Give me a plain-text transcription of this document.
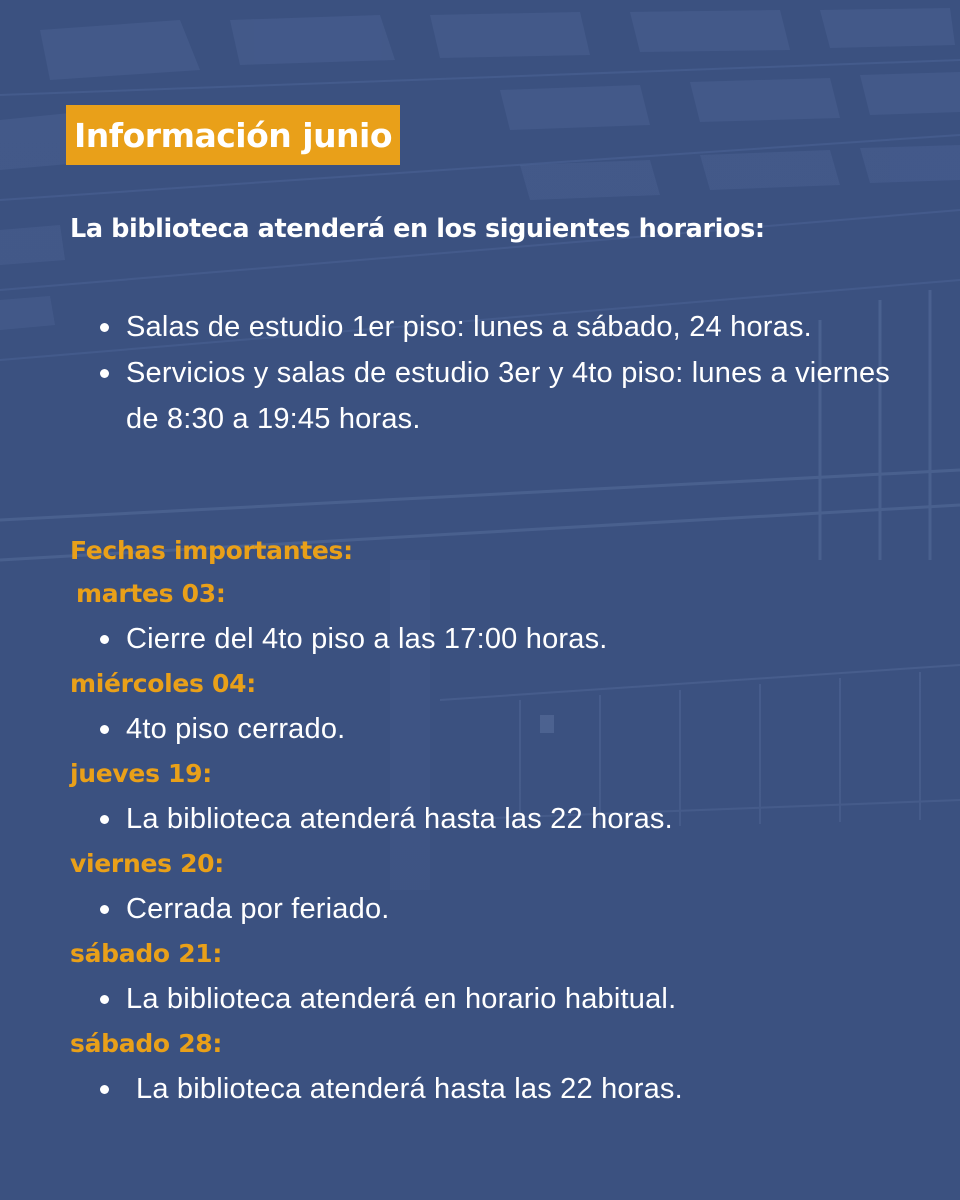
Información junio
La biblioteca atenderá en los siguientes horarios:
Salas de estudio 1er piso: lunes a sábado, 24 horas.
Servicios y salas de estudio 3er y 4to piso: lunes a viernes de 8:30 a 19:45 horas.
Fechas importantes:
martes 03:
Cierre del 4to piso a las 17:00 horas.
miércoles 04:
4to piso cerrado.
jueves 19:
La biblioteca atenderá hasta las 22 horas.
viernes 20:
Cerrada por feriado.
sábado 21:
La biblioteca atenderá en horario habitual.
sábado 28:
La biblioteca atenderá hasta las 22 horas.
